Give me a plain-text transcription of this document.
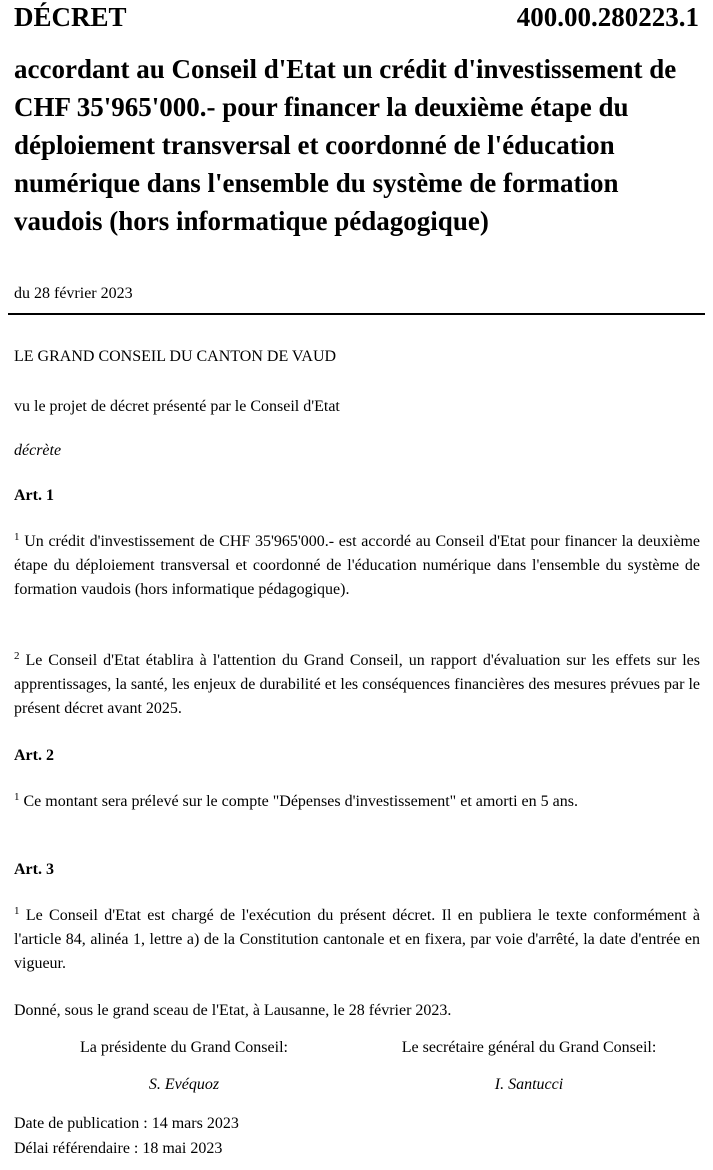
DÉCRET	400.00.280223.1
accordant au Conseil d'Etat un crédit d'investissement de CHF 35'965'000.- pour financer la deuxième étape du déploiement transversal et coordonné de l'éducation numérique dans l'ensemble du système de formation vaudois (hors informatique pédagogique)
du 28 février 2023
LE GRAND CONSEIL DU CANTON DE VAUD
vu le projet de décret présenté par le Conseil d'Etat
décrète
Art. 1
$^1$ Un crédit d'investissement de CHF 35'965'000.- est accordé au Conseil d'Etat pour financer la deuxième étape du déploiement transversal et coordonné de l'éducation numérique dans l'ensemble du système de formation vaudois (hors informatique pédagogique).
$^2$ Le Conseil d'Etat établira à l'attention du Grand Conseil, un rapport d'évaluation sur les effets sur les apprentissages, la santé, les enjeux de durabilité et les conséquences financières des mesures prévues par le présent décret avant 2025.
Art. 2
$^1$ Ce montant sera prélevé sur le compte "Dépenses d'investissement" et amorti en 5 ans.
Art. 3
$^1$ Le Conseil d'Etat est chargé de l'exécution du présent décret. Il en publiera le texte conformément à l'article 84, alinéa 1, lettre a) de la Constitution cantonale et en fixera, par voie d'arrêté, la date d'entrée en vigueur.
Donné, sous le grand sceau de l'Etat, à Lausanne, le 28 février 2023.
La présidente du Grand Conseil:	Le secrétaire général du Grand Conseil:
S. Evéquoz	I. Santucci
Date de publication : 14 mars 2023
Délai référendaire : 18 mai 2023
